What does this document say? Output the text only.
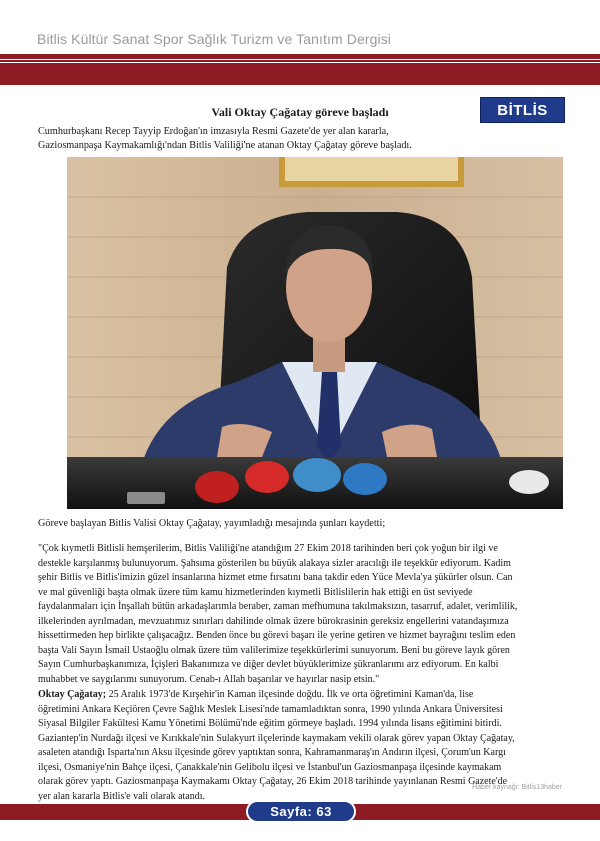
Bitlis Kültür Sanat Spor Sağlık Turizm ve Tanıtım Dergisi
BİTLİS
Vali Oktay Çağatay göreve başladı
Cumhurbaşkanı Recep Tayyip Erdoğan'ın imzasıyla Resmi Gazete'de yer alan kararla,
Gaziosmanpaşa Kaymakamlığı'ndan Bitlis Valiliği'ne atanan Oktay Çağatay göreve başladı.
Göreve başlayan Bitlis Valisi Oktay Çağatay, yayımladığı mesajında şunları kaydetti;
"Çok kıymetli Bitlisli hemşerilerim, Bitlis Valiliği'ne atandığım 27 Ekim 2018 tarihinden beri çok yoğun bir ilgi ve
destekle karşılanmış bulunuyorum. Şahsıma gösterilen bu büyük alakaya sizler aracılığı ile teşekkür ediyorum. Kadim
şehir Bitlis ve Bitlis'imizin güzel insanlarına hizmet etme fırsatını bana takdir eden Yüce Mevla'ya şükürler olsun. Can
ve mal güvenliği başta olmak üzere tüm kamu hizmetlerinden kıymetli Bitlislilerin hak ettiği en üst seviyede
faydalanmaları için İnşallah bütün arkadaşlarımla beraber, zaman mefhumuna takılmaksızın, tasarruf, adalet, verimlilik,
ilkelerinden ayrılmadan, mevzuatımız sınırları dahilinde olmak üzere bürokrasinin gereksiz engellerini vatandaşımıza
hissettirmeden hep birlikte çalışacağız. Benden önce bu görevi başarı ile yerine getiren ve hizmet bayrağını teslim eden
başta Vali Sayın İsmail Ustaoğlu olmak üzere tüm valilerimize teşekkürlerimi sunuyorum. Beni bu göreve layık gören
Sayın Cumhurbaşkanımıza, İçişleri Bakanımıza ve diğer devlet büyüklerimize şükranlarımı arz ediyorum. En kalbi
muhabbet ve saygılarımı sunuyorum. Cenab-ı Allah başarılar ve hayırlar nasip etsin."
Oktay Çağatay; 25 Aralık 1973'de Kırşehir'in Kaman ilçesinde doğdu. İlk ve orta öğretimini Kaman'da, lise
öğretimini Ankara Keçiören Çevre Sağlık Meslek Lisesi'nde tamamladıktan sonra, 1990 yılında Ankara Üniversitesi
Siyasal Bilgiler Fakültesi Kamu Yönetimi Bölümü'nde eğitim görmeye başladı. 1994 yılında lisans eğitimini bitirdi.
Gaziantep'in Nurdağı ilçesi ve Kırıkkale'nin Sulakyurt ilçelerinde kaymakam vekili olarak görev yapan Oktay Çağatay,
asaleten atandığı Isparta'nın Aksu ilçesinde görev yaptıktan sonra, Kahramanmaraş'ın Andırın ilçesi, Çorum'un Kargı
ilçesi, Osmaniye'nin Bahçe ilçesi, Çanakkale'nin Gelibolu ilçesi ve İstanbul'un Gaziosmanpaşa ilçesinde kaymakam
olarak görev yaptı. Gaziosmanpaşa Kaymakamı Oktay Çağatay, 26 Ekim 2018 tarihinde yayınlanan Resmi Gazete'de
yer alan kararla Bitlis'e vali olarak atandı.
Haber kaynağı: Bitlis13haber
Sayfa: 63
